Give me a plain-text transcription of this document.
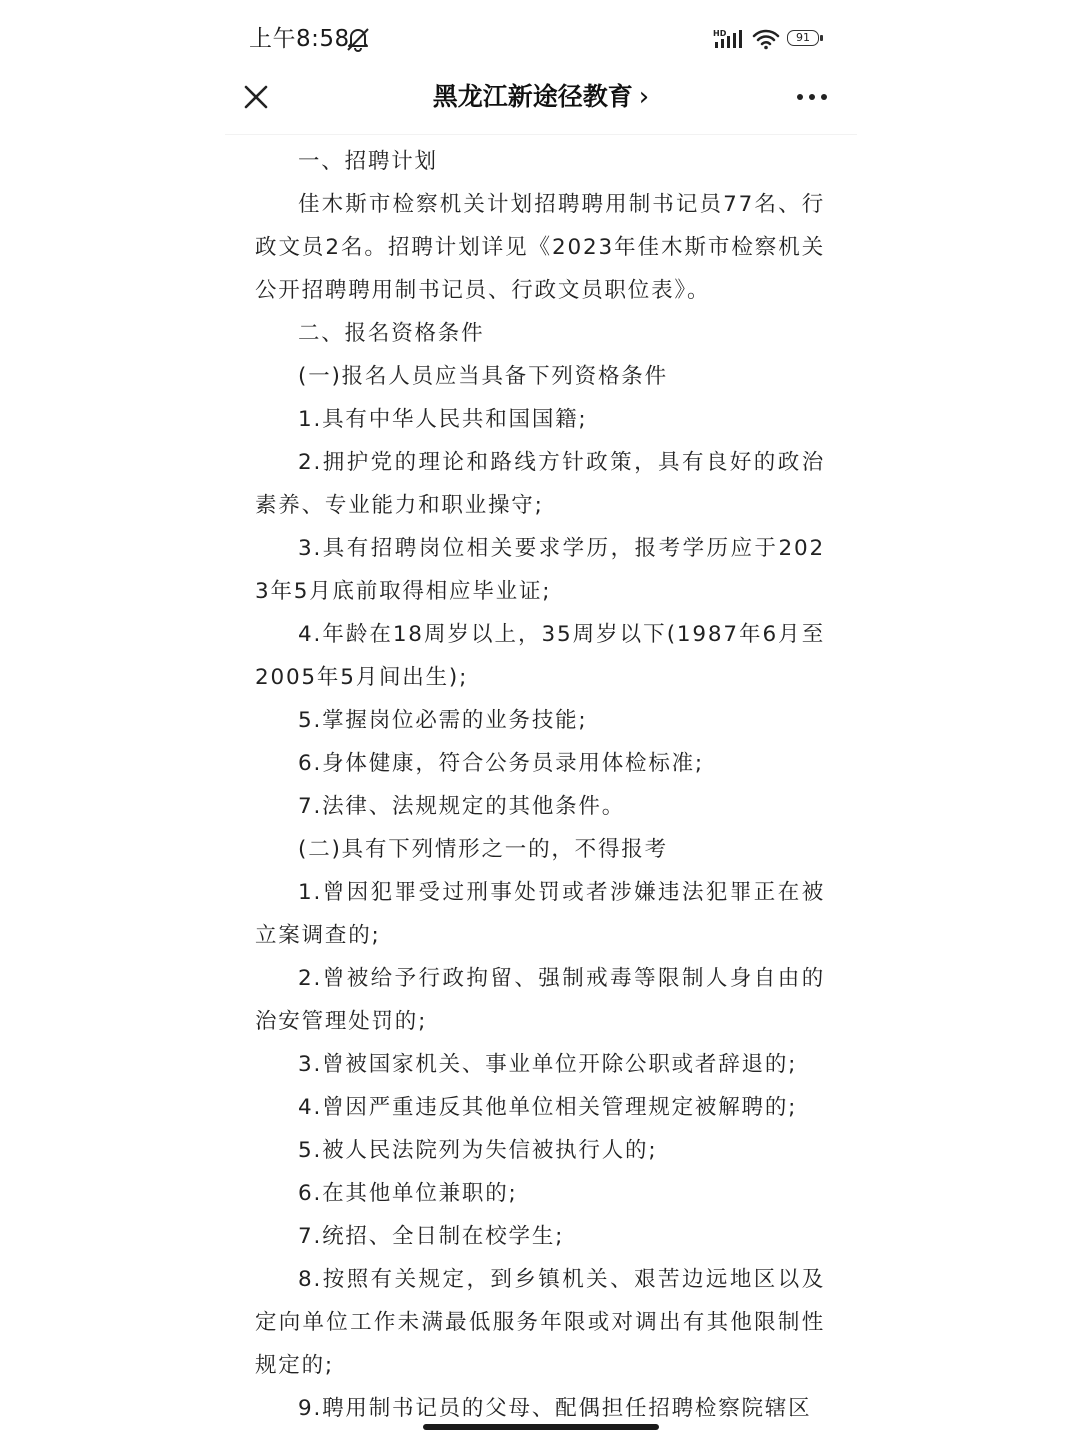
上午8:58	HD	91
黑龙江新途径教育 ›

一、招聘计划

佳木斯市检察机关计划招聘聘用制书记员77名、行政文员2名。招聘计划详见《2023年佳木斯市检察机关公开招聘聘用制书记员、行政文员职位表》。

二、报名资格条件

(一)报名人员应当具备下列资格条件

1.具有中华人民共和国国籍;

2.拥护党的理论和路线方针政策，具有良好的政治素养、专业能力和职业操守;

3.具有招聘岗位相关要求学历，报考学历应于2023年5月底前取得相应毕业证;

4.年龄在18周岁以上，35周岁以下(1987年6月至2005年5月间出生);

5.掌握岗位必需的业务技能;

6.身体健康，符合公务员录用体检标准;

7.法律、法规规定的其他条件。

(二)具有下列情形之一的，不得报考

1.曾因犯罪受过刑事处罚或者涉嫌违法犯罪正在被立案调查的;

2.曾被给予行政拘留、强制戒毒等限制人身自由的治安管理处罚的;

3.曾被国家机关、事业单位开除公职或者辞退的;

4.曾因严重违反其他单位相关管理规定被解聘的;

5.被人民法院列为失信被执行人的;

6.在其他单位兼职的;

7.统招、全日制在校学生;

8.按照有关规定，到乡镇机关、艰苦边远地区以及定向单位工作未满最低服务年限或对调出有其他限制性规定的;

9.聘用制书记员的父母、配偶担任招聘检察院辖区
